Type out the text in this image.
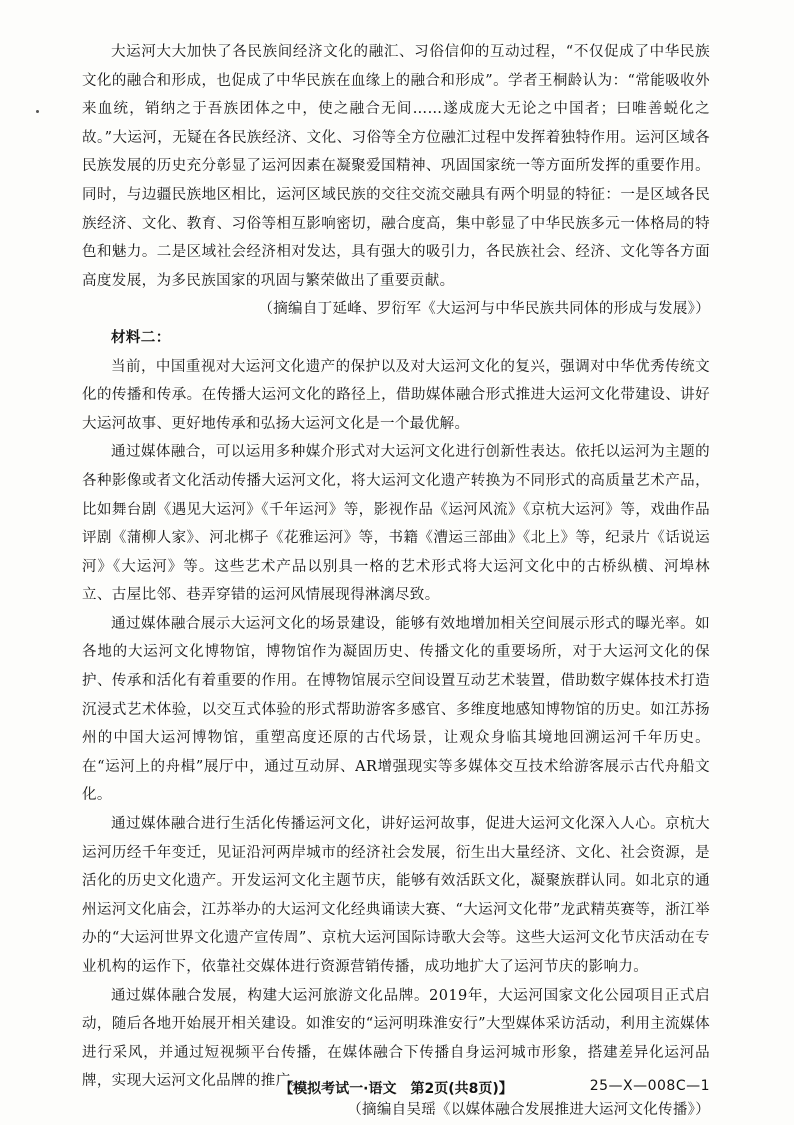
大运河大大加快了各民族间经济文化的融汇、习俗信仰的互动过程，“不仅促成了中华民族文化的融合和形成，也促成了中华民族在血缘上的融合和形成”。学者王桐龄认为：“常能吸收外来血统，销纳之于吾族团体之中，使之融合无间……遂成庞大无论之中国者；曰唯善蜕化之故。”大运河，无疑在各民族经济、文化、习俗等全方位融汇过程中发挥着独特作用。运河区域各民族发展的历史充分彰显了运河因素在凝聚爱国精神、巩固国家统一等方面所发挥的重要作用。同时，与边疆民族地区相比，运河区域民族的交往交流交融具有两个明显的特征：一是区域各民族经济、文化、教育、习俗等相互影响密切，融合度高，集中彰显了中华民族多元一体格局的特色和魅力。二是区域社会经济相对发达，具有强大的吸引力，各民族社会、经济、文化等各方面高度发展，为多民族国家的巩固与繁荣做出了重要贡献。

（摘编自丁延峰、罗衍军《大运河与中华民族共同体的形成与发展》）

材料二：

当前，中国重视对大运河文化遗产的保护以及对大运河文化的复兴，强调对中华优秀传统文化的传播和传承。在传播大运河文化的路径上，借助媒体融合形式推进大运河文化带建设、讲好大运河故事、更好地传承和弘扬大运河文化是一个最优解。

通过媒体融合，可以运用多种媒介形式对大运河文化进行创新性表达。依托以运河为主题的各种影像或者文化活动传播大运河文化，将大运河文化遗产转换为不同形式的高质量艺术产品，比如舞台剧《遇见大运河》《千年运河》等，影视作品《运河风流》《京杭大运河》等，戏曲作品评剧《蒲柳人家》、河北梆子《花雅运河》等，书籍《漕运三部曲》《北上》等，纪录片《话说运河》《大运河》等。这些艺术产品以别具一格的艺术形式将大运河文化中的古桥纵横、河埠林立、古屋比邻、巷弄穿错的运河风情展现得淋漓尽致。

通过媒体融合展示大运河文化的场景建设，能够有效地增加相关空间展示形式的曝光率。如各地的大运河文化博物馆，博物馆作为凝固历史、传播文化的重要场所，对于大运河文化的保护、传承和活化有着重要的作用。在博物馆展示空间设置互动艺术装置，借助数字媒体技术打造沉浸式艺术体验，以交互式体验的形式帮助游客多感官、多维度地感知博物馆的历史。如江苏扬州的中国大运河博物馆，重塑高度还原的古代场景，让观众身临其境地回溯运河千年历史。在“运河上的舟楫”展厅中，通过互动屏、AR增强现实等多媒体交互技术给游客展示古代舟船文化。

通过媒体融合进行生活化传播运河文化，讲好运河故事，促进大运河文化深入人心。京杭大运河历经千年变迁，见证沿河两岸城市的经济社会发展，衍生出大量经济、文化、社会资源，是活化的历史文化遗产。开发运河文化主题节庆，能够有效活跃文化，凝聚族群认同。如北京的通州运河文化庙会，江苏举办的大运河文化经典诵读大赛、“大运河文化带”龙武精英赛等，浙江举办的“大运河世界文化遗产宣传周”、京杭大运河国际诗歌大会等。这些大运河文化节庆活动在专业机构的运作下，依靠社交媒体进行资源营销传播，成功地扩大了运河节庆的影响力。

通过媒体融合发展，构建大运河旅游文化品牌。2019年，大运河国家文化公园项目正式启动，随后各地开始展开相关建设。如淮安的“运河明珠淮安行”大型媒体采访活动，利用主流媒体进行采风，并通过短视频平台传播，在媒体融合下传播自身运河城市形象，搭建差异化运河品牌，实现大运河文化品牌的推广。

（摘编自吴瑶《以媒体融合发展推进大运河文化传播》）

【模拟考试一·语文　第2页(共8页)】	25—X—008C—1
